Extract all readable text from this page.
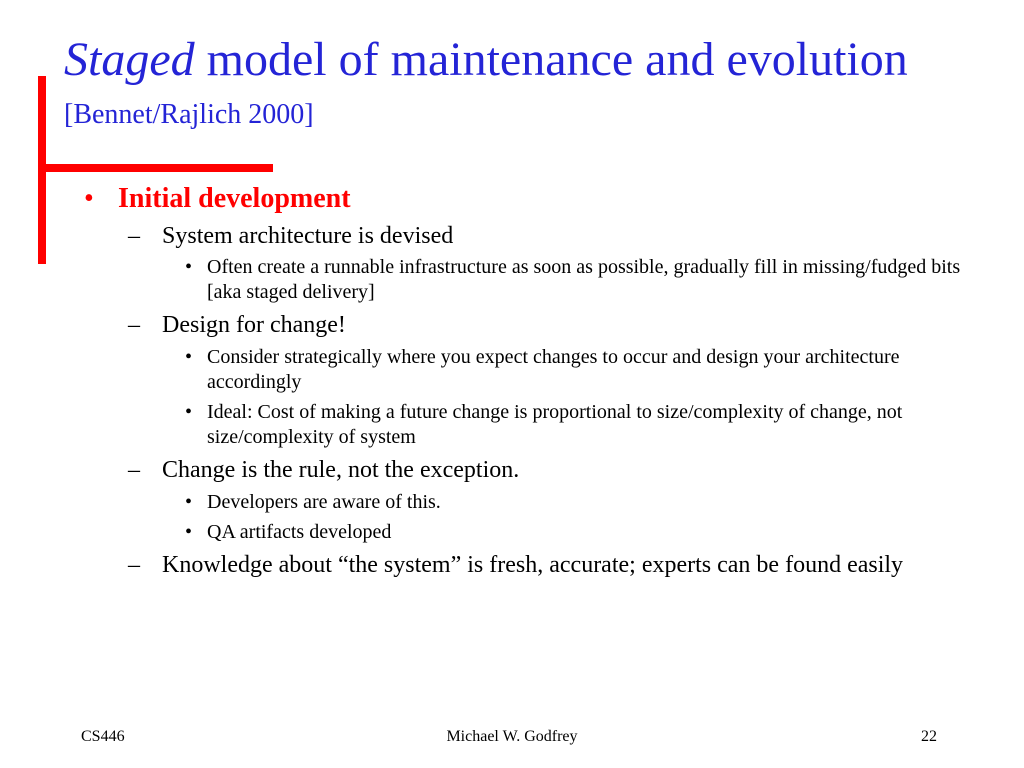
Staged model of maintenance and evolution
[Bennet/Rajlich 2000]
• Initial development
– System architecture is devised
• Often create a runnable infrastructure as soon as possible, gradually fill in missing/fudged bits [aka staged delivery]
– Design for change!
• Consider strategically where you expect changes to occur and design your architecture accordingly
• Ideal: Cost of making a future change is proportional to size/complexity of change, not size/complexity of system
– Change is the rule, not the exception.
• Developers are aware of this.
• QA artifacts developed
– Knowledge about “the system” is fresh, accurate; experts can be found easily
CS446	Michael W. Godfrey	22
